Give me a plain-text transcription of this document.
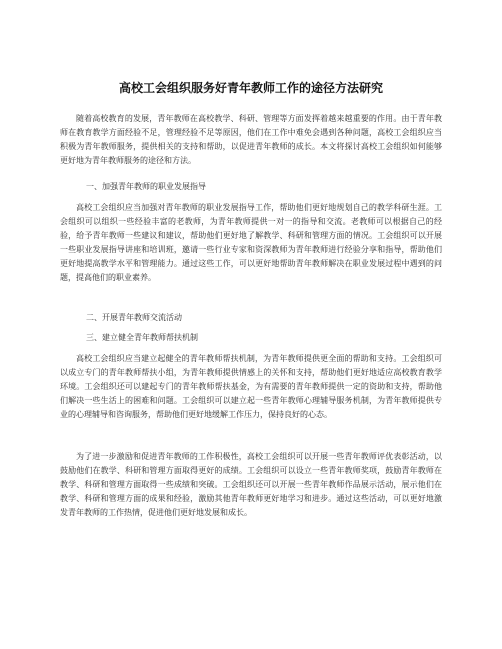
高校工会组织服务好青年教师工作的途径方法研究
随着高校教育的发展，青年教师在高校教学、科研、管理等方面发挥着越来越重要的作用。由于青年教师在教育教学方面经验不足，管理经验不足等原因，他们在工作中难免会遇到各种问题，高校工会组织应当积极为青年教师服务，提供相关的支持和帮助，以促进青年教师的成长。本文将探讨高校工会组织如何能够更好地为青年教师服务的途径和方法。
一、加强青年教师的职业发展指导
高校工会组织应当加强对青年教师的职业发展指导工作，帮助他们更好地规划自己的教学科研生涯。工会组织可以组织一些经验丰富的老教师，为青年教师提供一对一的指导和交流。老教师可以根据自己的经验，给予青年教师一些建议和建议，帮助他们更好地了解教学、科研和管理方面的情况。工会组织可以开展一些职业发展指导讲座和培训班，邀请一些行业专家和资深教师为青年教师进行经验分享和指导，帮助他们更好地提高教学水平和管理能力。通过这些工作，可以更好地帮助青年教师解决在职业发展过程中遇到的问题，提高他们的职业素养。
二、开展青年教师交流活动
三、建立健全青年教师帮扶机制
高校工会组织应当建立起健全的青年教师帮扶机制，为青年教师提供更全面的帮助和支持。工会组织可以成立专门的青年教师帮扶小组，为青年教师提供情感上的关怀和支持，帮助他们更好地适应高校教育教学环境。工会组织还可以建起专门的青年教师帮扶基金，为有需要的青年教师提供一定的资助和支持，帮助他们解决一些生活上的困难和问题。工会组织可以建立起一些青年教师心理辅导服务机制，为青年教师提供专业的心理辅导和咨询服务，帮助他们更好地缓解工作压力，保持良好的心态。
为了进一步激励和促进青年教师的工作积极性，高校工会组织可以开展一些青年教师评优表彰活动，以鼓励他们在教学、科研和管理方面取得更好的成绩。工会组织可以设立一些青年教师奖项，鼓励青年教师在教学、科研和管理方面取得一些成绩和突破。工会组织还可以开展一些青年教师作品展示活动，展示他们在教学、科研和管理方面的成果和经验，激励其他青年教师更好地学习和进步。通过这些活动，可以更好地激发青年教师的工作热情，促进他们更好地发展和成长。
